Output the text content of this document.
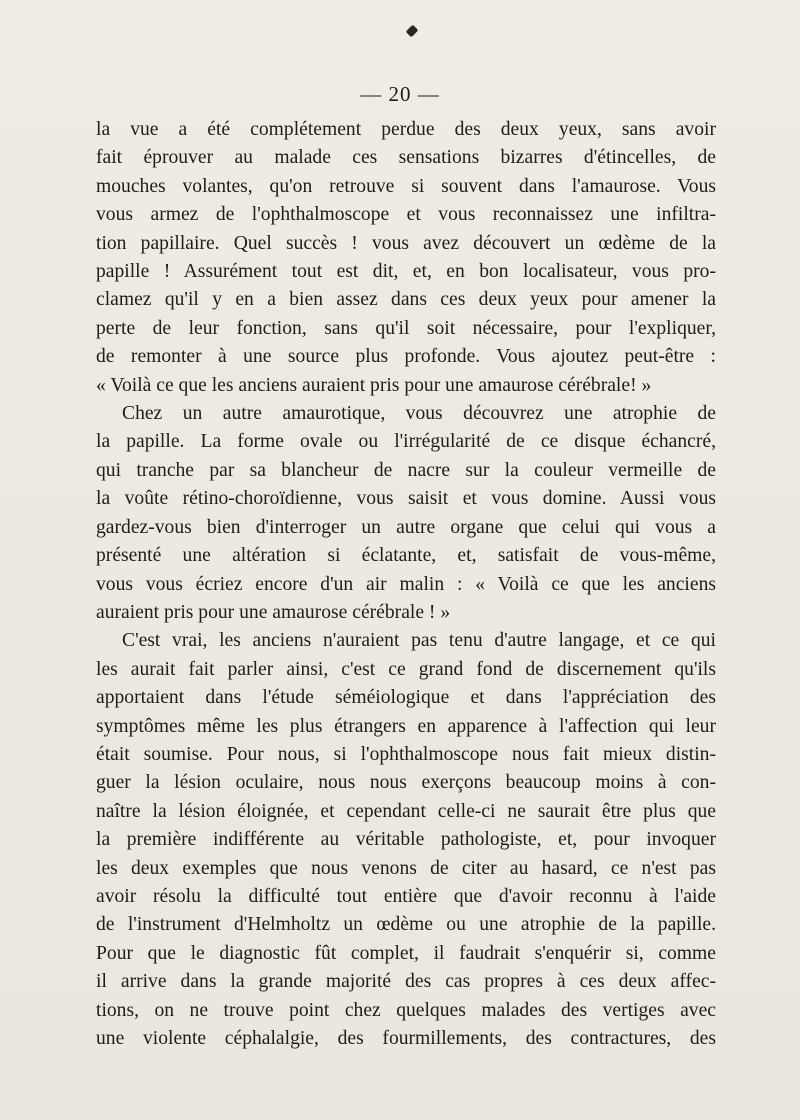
— 20 —
la vue a été complétement perdue des deux yeux, sans avoir
fait éprouver au malade ces sensations bizarres d'étincelles, de
mouches volantes, qu'on retrouve si souvent dans l'amaurose. Vous
vous armez de l'ophthalmoscope et vous reconnaissez une infiltra-
tion papillaire. Quel succès ! vous avez découvert un œdème de la
papille ! Assurément tout est dit, et, en bon localisateur, vous pro-
clamez qu'il y en a bien assez dans ces deux yeux pour amener la
perte de leur fonction, sans qu'il soit nécessaire, pour l'expliquer,
de remonter à une source plus profonde. Vous ajoutez peut-être :
« Voilà ce que les anciens auraient pris pour une amaurose cérébrale! »
Chez un autre amaurotique, vous découvrez une atrophie de
la papille. La forme ovale ou l'irrégularité de ce disque échancré,
qui tranche par sa blancheur de nacre sur la couleur vermeille de
la voûte rétino-choroïdienne, vous saisit et vous domine. Aussi vous
gardez-vous bien d'interroger un autre organe que celui qui vous a
présenté une altération si éclatante, et, satisfait de vous-même,
vous vous écriez encore d'un air malin : « Voilà ce que les anciens
auraient pris pour une amaurose cérébrale ! »
C'est vrai, les anciens n'auraient pas tenu d'autre langage, et ce qui
les aurait fait parler ainsi, c'est ce grand fond de discernement qu'ils
apportaient dans l'étude séméiologique et dans l'appréciation des
symptômes même les plus étrangers en apparence à l'affection qui leur
était soumise. Pour nous, si l'ophthalmoscope nous fait mieux distin-
guer la lésion oculaire, nous nous exerçons beaucoup moins à con-
naître la lésion éloignée, et cependant celle-ci ne saurait être plus que
la première indifférente au véritable pathologiste, et, pour invoquer
les deux exemples que nous venons de citer au hasard, ce n'est pas
avoir résolu la difficulté tout entière que d'avoir reconnu à l'aide
de l'instrument d'Helmholtz un œdème ou une atrophie de la papille.
Pour que le diagnostic fût complet, il faudrait s'enquérir si, comme
il arrive dans la grande majorité des cas propres à ces deux affec-
tions, on ne trouve point chez quelques malades des vertiges avec
une violente céphalalgie, des fourmillements, des contractures, des
